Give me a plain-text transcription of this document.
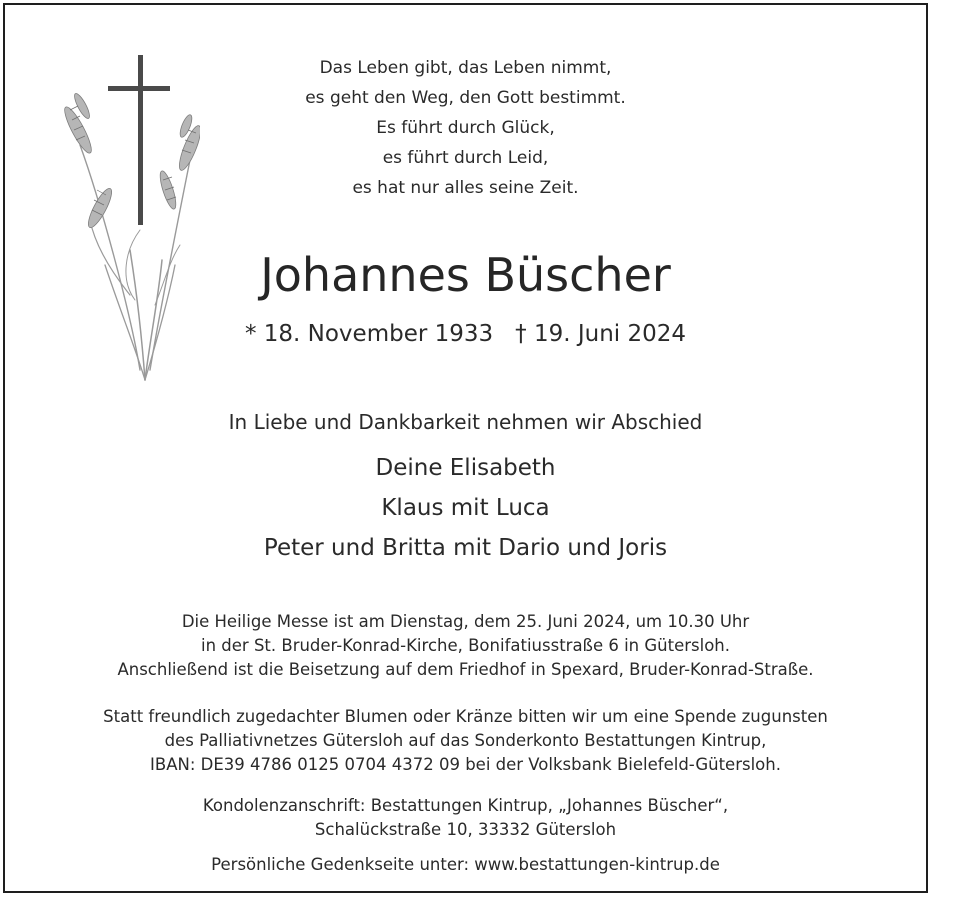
Das Leben gibt, das Leben nimmt,
es geht den Weg, den Gott bestimmt.
Es führt durch Glück,
es führt durch Leid,
es hat nur alles seine Zeit.
Johannes Büscher
* 18. November 1933 † 19. Juni 2024
In Liebe und Dankbarkeit nehmen wir Abschied
Deine Elisabeth
Klaus mit Luca
Peter und Britta mit Dario und Joris
Die Heilige Messe ist am Dienstag, dem 25. Juni 2024, um 10.30 Uhr
in der St. Bruder-Konrad-Kirche, Bonifatiusstraße 6 in Gütersloh.
Anschließend ist die Beisetzung auf dem Friedhof in Spexard, Bruder-Konrad-Straße.
Statt freundlich zugedachter Blumen oder Kränze bitten wir um eine Spende zugunsten
des Palliativnetzes Gütersloh auf das Sonderkonto Bestattungen Kintrup,
IBAN: DE39 4786 0125 0704 4372 09 bei der Volksbank Bielefeld-Gütersloh.
Kondolenzanschrift: Bestattungen Kintrup, „Johannes Büscher“,
Schalückstraße 10, 33332 Gütersloh
Persönliche Gedenkseite unter: www.bestattungen-kintrup.de
